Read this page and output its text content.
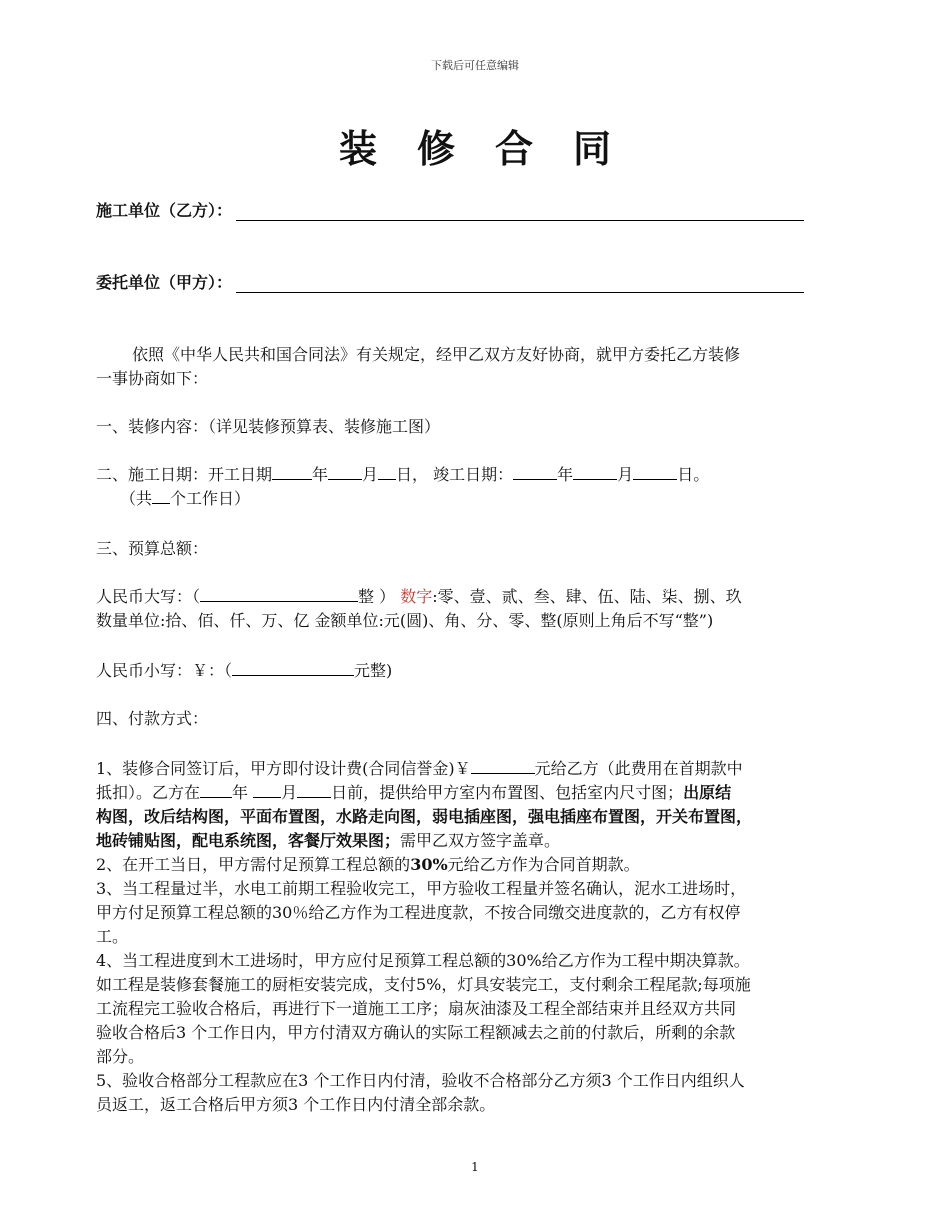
下载后可任意编辑
装修合同
施工单位（乙方）：
委托单位（甲方）：
依照《中华人民共和国合同法》有关规定，经甲乙双方友好协商，就甲方委托乙方装修
一事协商如下：
一、装修内容：（详见装修预算表、装修施工图）
二、施工日期：开工日期	年 月 日， 竣工日期：	年	月	日。
（共 个工作日）
三、预算总额：
人民币大写：（	整 ） 数字:零、壹、贰、叁、肆、伍、陆、柒、捌、玖
数量单位:拾、佰、仟、万、亿 金额单位:元(圆)、角、分、零、整(原则上角后不写“整”)
人民币小写：￥：（	元整)
四、付款方式：
1、装修合同签订后，甲方即付设计费(合同信誉金)￥	元给乙方（此费用在首期款中
抵扣）。乙方在 年 月 日前，提供给甲方室内布置图、包括室内尺寸图；出原结
构图，改后结构图，平面布置图，水路走向图，弱电插座图，强电插座布置图，开关布置图，
地砖铺贴图，配电系统图，客餐厅效果图；需甲乙双方签字盖章。
2、在开工当日，甲方需付足预算工程总额的30%元给乙方作为合同首期款。
3、当工程量过半，水电工前期工程验收完工，甲方验收工程量并签名确认，泥水工进场时，
甲方付足预算工程总额的30％给乙方作为工程进度款，不按合同缴交进度款的，乙方有权停
工。
4、当工程进度到木工进场时，甲方应付足预算工程总额的30%给乙方作为工程中期决算款。
如工程是装修套餐施工的厨柜安装完成，支付5%，灯具安装完工，支付剩余工程尾款;每项施
工流程完工验收合格后，再进行下一道施工工序；扇灰油漆及工程全部结束并且经双方共同
验收合格后3 个工作日内，甲方付清双方确认的实际工程额减去之前的付款后，所剩的余款
部分。
5、验收合格部分工程款应在3 个工作日内付清，验收不合格部分乙方须3 个工作日内组织人
员返工，返工合格后甲方须3 个工作日内付清全部余款。
1
